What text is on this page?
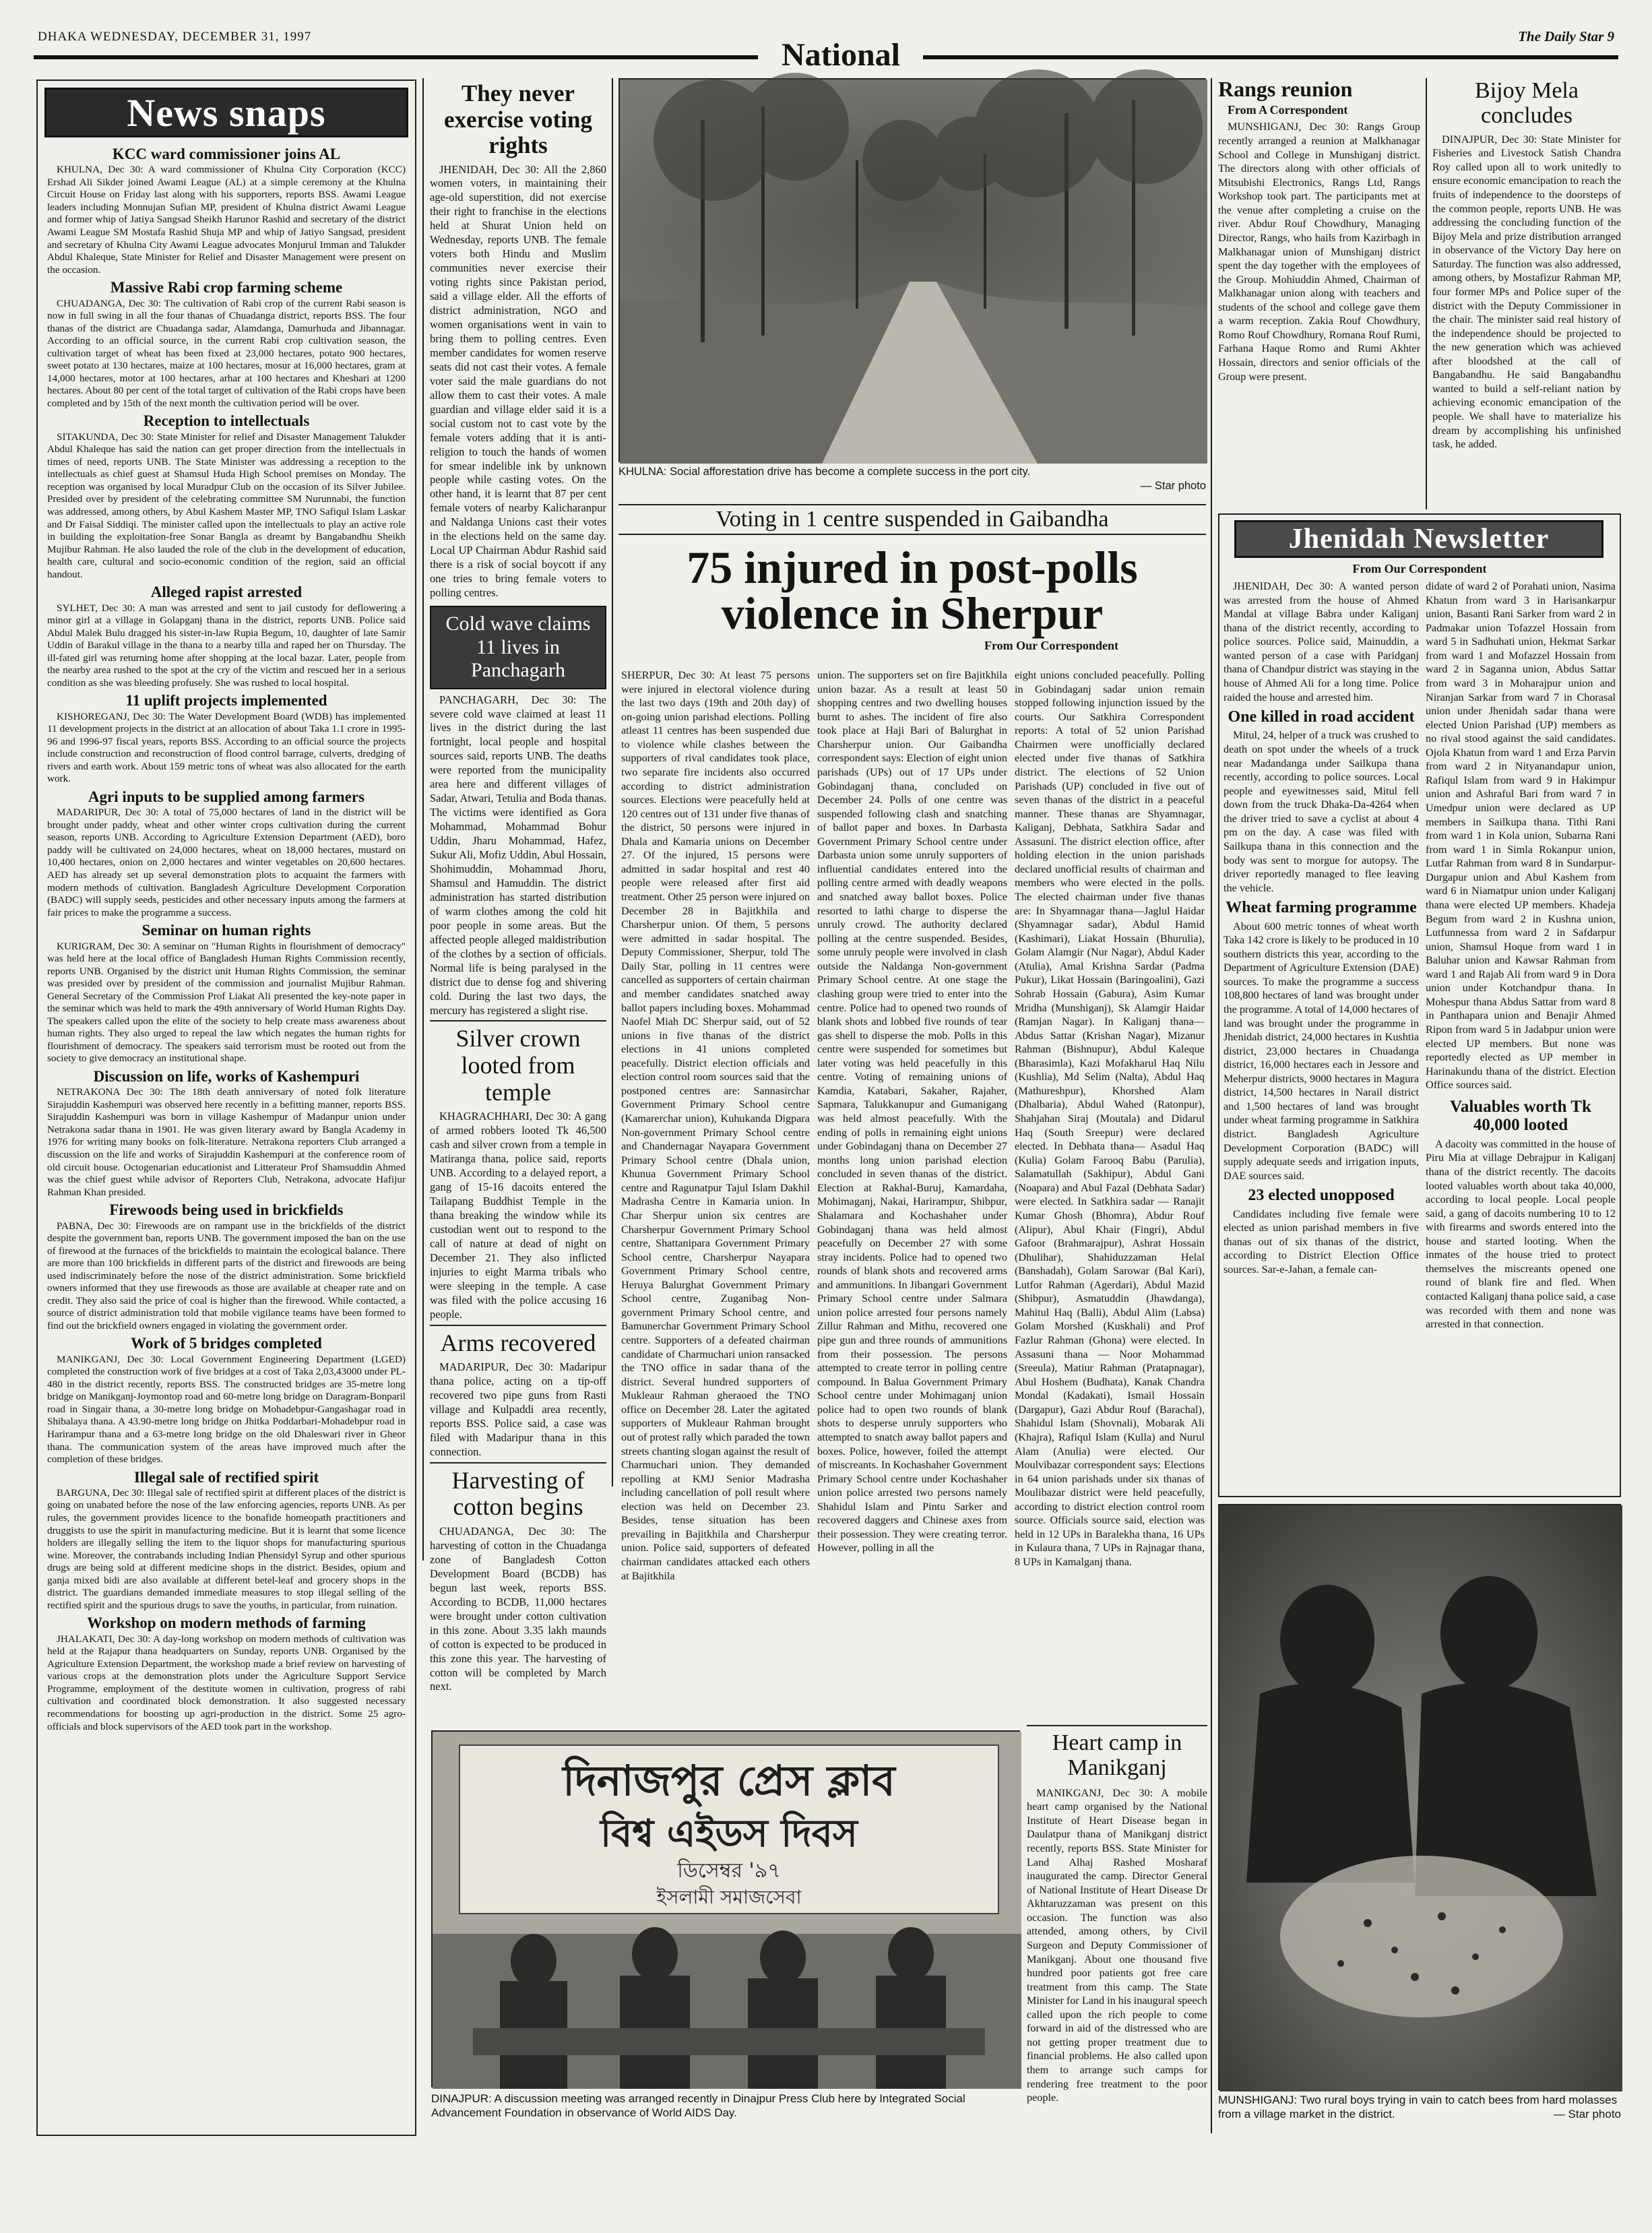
DHAKA WEDNESDAY, DECEMBER 31, 1997	The Daily Star 9
National
News snaps
KCC ward commissioner joins AL

KHULNA, Dec 30: A ward commissioner of Khulna City Corporation (KCC) Ershad Ali Sikder joined Awami League (AL) at a simple ceremony at the Khulna Circuit House on Friday last along with his supporters, reports BSS. Awami League leaders including Monnujan Sufian MP, president of Khulna district Awami League and former whip of Jatiya Sangsad Sheikh Harunor Rashid and secretary of the district Awami League SM Mostafa Rashid Shuja MP and whip of Jatiyo Sangsad, president and secretary of Khulna City Awami League advocates Monjurul Imman and Talukder Abdul Khaleque, State Minister for Relief and Disaster Management were present on the occasion.

Massive Rabi crop farming scheme

CHUADANGA, Dec 30: The cultivation of Rabi crop of the current Rabi season is now in full swing in all the four thanas of Chuadanga district, reports BSS. The four thanas of the district are Chuadanga sadar, Alamdanga, Damurhuda and Jibannagar. According to an official source, in the current Rabi crop cultivation season, the cultivation target of wheat has been fixed at 23,000 hectares, potato 900 hectares, sweet potato at 130 hectares, maize at 100 hectares, mosur at 16,000 hectares, gram at 14,000 hectares, motor at 100 hectares, arhar at 100 hectares and Kheshari at 1200 hectares. About 80 per cent of the total target of cultivation of the Rabi crops have been completed and by 15th of the next month the cultivation period will be over.

Reception to intellectuals

SITAKUNDA, Dec 30: State Minister for relief and Disaster Management Talukder Abdul Khaleque has said the nation can get proper direction from the intellectuals in times of need, reports UNB. The State Minister was addressing a reception to the intellectuals as chief guest at Shamsul Huda High School premises on Monday. The reception was organised by local Muradpur Club on the occasion of its Silver Jubilee. Presided over by president of the celebrating committee SM Nurunnabi, the function was addressed, among others, by Abul Kashem Master MP, TNO Safiqul Islam Laskar and Dr Faisal Siddiqi. The minister called upon the intellectuals to play an active role in building the exploitation-free Sonar Bangla as dreamt by Bangabandhu Sheikh Mujibur Rahman. He also lauded the role of the club in the development of education, health care, cultural and socio-economic condition of the region, said an official handout.

Alleged rapist arrested

SYLHET, Dec 30: A man was arrested and sent to jail custody for deflowering a minor girl at a village in Golapganj thana in the district, reports UNB. Police said Abdul Malek Bulu dragged his sister-in-law Rupia Begum, 10, daughter of late Samir Uddin of Barakul village in the thana to a nearby tilla and raped her on Thursday. The ill-fated girl was returning home after shopping at the local bazar. Later, people from the nearby area rushed to the spot at the cry of the victim and rescued her in a serious condition as she was bleeding profusely. She was rushed to local hospital.

11 uplift projects implemented

KISHOREGANJ, Dec 30: The Water Development Board (WDB) has implemented 11 development projects in the district at an allocation of about Taka 1.1 crore in 1995-96 and 1996-97 fiscal years, reports BSS. According to an official source the projects include construction and reconstruction of flood control barrage, culverts, dredging of rivers and earth work. About 159 metric tons of wheat was also allocated for the earth work.

Agri inputs to be supplied among farmers

MADARIPUR, Dec 30: A total of 75,000 hectares of land in the district will be brought under paddy, wheat and other winter crops cultivation during the current season, reports UNB. According to Agriculture Extension Department (AED), boro paddy will be cultivated on 24,000 hectares, wheat on 18,000 hectares, mustard on 10,400 hectares, onion on 2,000 hectares and winter vegetables on 20,600 hectares. AED has already set up several demonstration plots to acquaint the farmers with modern methods of cultivation. Bangladesh Agriculture Development Corporation (BADC) will supply seeds, pesticides and other necessary inputs among the farmers at fair prices to make the programme a success.

Seminar on human rights

KURIGRAM, Dec 30: A seminar on "Human Rights in flourishment of democracy" was held here at the local office of Bangladesh Human Rights Commission recently, reports UNB. Organised by the district unit Human Rights Commission, the seminar was presided over by president of the commission and journalist Mujibur Rahman. General Secretary of the Commission Prof Liakat Ali presented the key-note paper in the seminar which was held to mark the 49th anniversary of World Human Rights Day. The speakers called upon the elite of the society to help create mass awareness about human rights. They also urged to repeal the law which negates the human rights for flourishment of democracy. The speakers said terrorism must be rooted out from the society to give democracy an institutional shape.

Discussion on life, works of Kashempuri

NETRAKONA Dec 30: The 18th death anniversary of noted folk literature Sirajuddin Kashempuri was observed here recently in a befitting manner, reports BSS. Sirajuddin Kashempuri was born in village Kashempur of Madanpur union under Netrakona sadar thana in 1901. He was given literary award by Bangla Academy in 1976 for writing many books on folk-literature. Netrakona reporters Club arranged a discussion on the life and works of Sirajuddin Kashempuri at the conference room of old circuit house. Octogenarian educationist and Litterateur Prof Shamsuddin Ahmed was the chief guest while advisor of Reporters Club, Netrakona, advocate Hafijur Rahman Khan presided.

Firewoods being used in brickfields

PABNA, Dec 30: Firewoods are on rampant use in the brickfields of the district despite the government ban, reports UNB. The government imposed the ban on the use of firewood at the furnaces of the brickfields to maintain the ecological balance. There are more than 100 brickfields in different parts of the district and firewoods are being used indiscriminately before the nose of the district administration. Some brickfield owners informed that they use firewoods as those are available at cheaper rate and on credit. They also said the price of coal is higher than the firewood. While contacted, a source of district administration told that mobile vigilance teams have been formed to find out the brickfield owners engaged in violating the government order.

Work of 5 bridges completed

MANIKGANJ, Dec 30: Local Government Engineering Department (LGED) completed the construction work of five bridges at a cost of Taka 2,03,43000 under PL-480 in the district recently, reports BSS. The constructed bridges are 35-metre long bridge on Manikganj-Joymontop road and 60-metre long bridge on Daragram-Bonparil road in Singair thana, a 30-metre long bridge on Mohadebpur-Gangashagar road in Shibalaya thana. A 43.90-metre long bridge on Jhitka Poddarbari-Mohadebpur road in Harirampur thana and a 63-metre long bridge on the old Dhaleswari river in Gheor thana. The communication system of the areas have improved much after the completion of these bridges.

Illegal sale of rectified spirit

BARGUNA, Dec 30: Illegal sale of rectified spirit at different places of the district is going on unabated before the nose of the law enforcing agencies, reports UNB. As per rules, the government provides licence to the bonafide homeopath practitioners and druggists to use the spirit in manufacturing medicine. But it is learnt that some licence holders are illegally selling the item to the liquor shops for manufacturing spurious wine. Moreover, the contrabands including Indian Phensidyl Syrup and other spurious drugs are being sold at different medicine shops in the district. Besides, opium and ganja mixed bidi are also available at different betel-leaf and grocery shops in the district. The guardians demanded immediate measures to stop illegal selling of the rectified spirit and the spurious drugs to save the youths, in particular, from ruination.

Workshop on modern methods of farming

JHALAKATI, Dec 30: A day-long workshop on modern methods of cultivation was held at the Rajapur thana headquarters on Sunday, reports UNB. Organised by the Agriculture Extension Department, the workshop made a brief review on harvesting of various crops at the demonstration plots under the Agriculture Support Service Programme, employment of the destitute women in cultivation, progress of rabi cultivation and coordinated block demonstration. It also suggested necessary recommendations for boosting up agri-production in the district. Some 25 agro-officials and block supervisors of the AED took part in the workshop.

They never exercise voting rights

JHENIDAH, Dec 30: All the 2,860 women voters, in maintaining their age-old superstition, did not exercise their right to franchise in the elections held at Shurat Union held on Wednesday, reports UNB. The female voters both Hindu and Muslim communities never exercise their voting rights since Pakistan period, said a village elder. All the efforts of district administration, NGO and women organisations went in vain to bring them to polling centres. Even member candidates for women reserve seats did not cast their votes. A female voter said the male guardians do not allow them to cast their votes. A male guardian and village elder said it is a social custom not to cast vote by the female voters adding that it is anti-religion to touch the hands of women for smear indelible ink by unknown people while casting votes. On the other hand, it is learnt that 87 per cent female voters of nearby Kalicharanpur and Naldanga Unions cast their votes in the elections held on the same day. Local UP Chairman Abdur Rashid said there is a risk of social boycott if any one tries to bring female voters to polling centres.

Cold wave claims 11 lives in Panchagarh

PANCHAGARH, Dec 30: The severe cold wave claimed at least 11 lives in the district during the last fortnight, local people and hospital sources said, reports UNB. The deaths were reported from the municipality area here and different villages of Sadar, Atwari, Tetulia and Boda thanas. The victims were identified as Gora Mohammad, Mohammad Bohur Uddin, Jharu Mohammad, Hafez, Sukur Ali, Mofiz Uddin, Abul Hossain, Shohimuddin, Mohammad Jhoru, Shamsul and Hamuddin. The district administration has started distribution of warm clothes among the cold hit poor people in some areas. But the affected people alleged maldistribution of the clothes by a section of officials. Normal life is being paralysed in the district due to dense fog and shivering cold. During the last two days, the mercury has registered a slight rise.

Silver crown looted from temple

KHAGRACHHARI, Dec 30: A gang of armed robbers looted Tk 46,500 cash and silver crown from a temple in Matiranga thana, police said, reports UNB. According to a delayed report, a gang of 15-16 dacoits entered the Tailapang Buddhist Temple in the thana breaking the window while its custodian went out to respond to the call of nature at dead of night on December 21. They also inflicted injuries to eight Marma tribals who were sleeping in the temple. A case was filed with the police accusing 16 people.

Arms recovered

MADARIPUR, Dec 30: Madaripur thana police, acting on a tip-off recovered two pipe guns from Rasti village and Kulpaddi area recently, reports BSS. Police said, a case was filed with Madaripur thana in this connection.

Harvesting of cotton begins

CHUADANGA, Dec 30: The harvesting of cotton in the Chuadanga zone of Bangladesh Cotton Development Board (BCDB) has begun last week, reports BSS. According to BCDB, 11,000 hectares were brought under cotton cultivation in this zone. About 3.35 lakh maunds of cotton is expected to be produced in this zone this year. The harvesting of cotton will be completed by March next.

KHULNA: Social afforestation drive has become a complete success in the port city.

— Star photo
Voting in 1 centre suspended in Gaibandha
75 injured in post-polls violence in Sherpur
From Our Correspondent
SHERPUR, Dec 30: At least 75 persons were injured in electoral violence during the last two days (19th and 20th day) of on-going union parishad elections. Polling atleast 11 centres has been suspended due to violence while clashes between the supporters of rival candidates took place, two separate fire incidents also occurred according to district administration sources. Elections were peacefully held at 120 centres out of 131 under five thanas of the district, 50 persons were injured in Dhala and Kamaria unions on December 27. Of the injured, 15 persons were admitted in sadar hospital and rest 40 people were released after first aid treatment. Other 25 person were injured on December 28 in Bajitkhila and Charsherpur union. Of them, 5 persons were admitted in sadar hospital. The Deputy Commissioner, Sherpur, told The Daily Star, polling in 11 centres were cancelled as supporters of certain chairman and member candidates snatched away ballot papers including boxes. Mohammad Naofel Miah DC Sherpur said, out of 52 unions in five thanas of the district elections in 41 unions completed peacefully. District election officials and election control room sources said that the postponed centres are: Sannasirchar Government Primary School centre (Kamarerchar union), Kuhukanda Digpara Non-government Primary School centre and Chandernagar Nayapara Government Primary School centre (Dhala union, Khunua Government Primary School centre and Ragunatpur Tajul Islam Dakhil Madrasha Centre in Kamaria union. In Char Sherpur union six centres are Charsherpur Government Primary School centre, Shattanipara Government Primary School centre, Charsherpur Nayapara Government Primary School centre, Heruya Balurghat Government Primary School centre, Zuganibag Non-government Primary School centre, and Bamunerchar Government Primary School centre. Supporters of a defeated chairman candidate of Charmuchari union ransacked the TNO office in sadar thana of the district. Several hundred supporters of Mukleaur Rahman gheraoed the TNO office on December 28. Later the agitated supporters of Mukleaur Rahman brought out of protest rally which paraded the town streets chanting slogan against the result of Charmuchari union. They demanded repolling at KMJ Senior Madrasha including cancellation of poll result where election was held on December 23. Besides, tense situation has been prevailing in Bajitkhila and Charsherpur union. Police said, supporters of defeated chairman candidates attacked each others at Bajitkhila
union. The supporters set on fire Bajitkhila union bazar. As a result at least 50 shopping centres and two dwelling houses burnt to ashes. The incident of fire also took place at Haji Bari of Balurghat in Charsherpur union. Our Gaibandha correspondent says: Election of eight union parishads (UPs) out of 17 UPs under Gobindaganj thana, concluded on December 24. Polls of one centre was suspended following clash and snatching of ballot paper and boxes. In Darbasta Government Primary School centre under Darbasta union some unruly supporters of influential candidates entered into the polling centre armed with deadly weapons and snatched away ballot boxes. Police resorted to lathi charge to disperse the unruly crowd. The authority declared polling at the centre suspended. Besides, some unruly people were involved in clash outside the Naldanga Non-government Primary School centre. At one stage the clashing group were tried to enter into the centre. Police had to opened two rounds of blank shots and lobbed five rounds of tear gas shell to disperse the mob. Polls in this centre were suspended for sometimes but later voting was held peacefully in this centre. Voting of remaining unions of Kamdia, Katabari, Sakaher, Rajaher, Sapmara, Talukkanupur and Gumanigang was held almost peacefully. With the ending of polls in remaining eight unions under Gobindaganj thana on December 27 months long union parishad election concluded in seven thanas of the district. Election at Rakhal-Buruj, Kamardaha, Mohimaganj, Nakai, Harirampur, Shibpur, Shalamara and Kochashaher under Gobindaganj thana was held almost peacefully on December 27 with some stray incidents. Police had to opened two rounds of blank shots and recovered arms and ammunitions. In Jibangari Government Primary School centre under Salmara union police arrested four persons namely Zillur Rahman and Mithu, recovered one pipe gun and three rounds of ammunitions from their possession. The persons attempted to create terror in polling centre compound. In Balua Government Primary School centre under Mohimaganj union police had to open two rounds of blank shots to desperse unruly supporters who attempted to snatch away ballot papers and boxes. Police, however, foiled the attempt of miscreants. In Kochashaher Government Primary School centre under Kochashaher union police arrested two persons namely Shahidul Islam and Pintu Sarker and recovered daggers and Chinese axes from their possession. They were creating terror. However, polling in all the
eight unions concluded peacefully. Polling in Gobindaganj sadar union remain stopped following injunction issued by the courts. Our Satkhira Correspondent reports: A total of 52 union Parishad Chairmen were unofficially declared elected under five thanas of Satkhira district. The elections of 52 Union Parishads (UP) concluded in five out of seven thanas of the district in a peaceful manner. These thanas are Shyamnagar, Kaliganj, Debhata, Satkhira Sadar and Assasuni. The district election office, after holding election in the union parishads declared unofficial results of chairman and members who were elected in the polls. The elected chairman under five thanas are: In Shyamnagar thana—Jaglul Haidar (Shyamnagar sadar), Abdul Hamid (Kashimari), Liakat Hossain (Bhurulia), Golam Alamgir (Nur Nagar), Abdul Kader (Atulia), Amal Krishna Sardar (Padma Pukur), Likat Hossain (Baringoalini), Gazi Sohrab Hossain (Gabura), Asim Kumar Mridha (Munshiganj), Sk Alamgir Haidar (Ramjan Nagar). In Kaliganj thana— Abdus Sattar (Krishan Nagar), Mizanur Rahman (Bishnupur), Abdul Kaleque (Bharasimla), Kazi Mofakharul Haq Nilu (Kushlia), Md Selim (Nalta), Abdul Haq (Mathureshpur), Khorshed Alam (Dhalbaria), Abdul Wahed (Ratonpur), Shahjahan Siraj (Moutala) and Didarul Haq (South Sreepur) were declared elected. In Debhata thana— Asadul Haq (Kulia) Golam Farooq Babu (Parulia), Salamatullah (Sakhipur), Abdul Gani (Noapara) and Abul Fazal (Debhata Sadar) were elected. In Satkhira sadar — Ranajit Kumar Ghosh (Bhomra), Abdur Rouf (Alipur), Abul Khair (Fingri), Abdul Gafoor (Brahmarajpur), Ashrat Hossain (Dhulihar), Shahiduzzaman Helal (Banshadah), Golam Sarowar (Bal Kari), Lutfor Rahman (Agerdari), Abdul Mazid (Shibpur), Asmatuddin (Jhawdanga), Mahitul Haq (Balli), Abdul Alim (Labsa) Golam Morshed (Kuskhali) and Prof Fazlur Rahman (Ghona) were elected. In Assasuni thana — Noor Mohammad (Sreeula), Matiur Rahman (Pratapnagar), Abul Hoshem (Budhata), Kanak Chandra Mondal (Kadakati), Ismail Hossain (Dargapur), Gazi Abdur Rouf (Barachal), Shahidul Islam (Shovnali), Mobarak Ali (Khajra), Rafiqul Islam (Kulla) and Nurul Alam (Anulia) were elected. Our Moulvibazar correspondent says: Elections in 64 union parishads under six thanas of Moulibazar district were held peacefully, according to district election control room source. Officials source said, election was held in 12 UPs in Baralekha thana, 16 UPs in Kulaura thana, 7 UPs in Rajnagar thana, 8 UPs in Kamalganj thana.
দিনাজপুর প্রেস ক্লাব
বিশ্ব এইডস দিবস
ডিসেম্বর '৯৭
ইসলামী সমাজসেবা
DINAJPUR: A discussion meeting was arranged recently in Dinajpur Press Club here by Integrated Social Advancement Foundation in observance of World AIDS Day.
Rangs reunion
From A Correspondent

MUNSHIGANJ, Dec 30: Rangs Group recently arranged a reunion at Malkhanagar School and College in Munshiganj district. The directors along with other officials of Mitsubishi Electronics, Rangs Ltd, Rangs Workshop took part. The participants met at the venue after completing a cruise on the river. Abdur Rouf Chowdhury, Managing Director, Rangs, who hails from Kazirbagh in Malkhanagar union of Munshiganj district spent the day together with the employees of the Group. Mohiuddin Ahmed, Chairman of Malkhanagar union along with teachers and students of the school and college gave them a warm reception. Zakia Rouf Chowdhury, Romo Rouf Chowdhury, Romana Rouf Rumi, Farhana Haque Romo and Rumi Akhter Hossain, directors and senior officials of the Group were present.

Bijoy Mela concludes

DINAJPUR, Dec 30: State Minister for Fisheries and Livestock Satish Chandra Roy called upon all to work unitedly to ensure economic emancipation to reach the fruits of independence to the doorsteps of the common people, reports UNB. He was addressing the concluding function of the Bijoy Mela and prize distribution arranged in observance of the Victory Day here on Saturday. The function was also addressed, among others, by Mostafizur Rahman MP, four former MPs and Police super of the district with the Deputy Commissioner in the chair. The minister said real history of the independence should be projected to the new generation which was achieved after bloodshed at the call of Bangabandhu. He said Bangabandhu wanted to build a self-reliant nation by achieving economic emancipation of the people. We shall have to materialize his dream by accomplishing his unfinished task, he added.

Jhenidah Newsletter
From Our Correspondent

JHENIDAH, Dec 30: A wanted person was arrested from the house of Ahmed Mandal at village Babra under Kaliganj thana of the district recently, according to police sources. Police said, Mainuddin, a wanted person of a case with Paridganj thana of Chandpur district was staying in the house of Ahmed Ali for a long time. Police raided the house and arrested him.

One killed in road accident

Mitul, 24, helper of a truck was crushed to death on spot under the wheels of a truck near Madandanga under Sailkupa thana recently, according to police sources. Local people and eyewitnesses said, Mitul fell down from the truck Dhaka-Da-4264 when the driver tried to save a cyclist at about 4 pm on the day. A case was filed with Sailkupa thana in this connection and the body was sent to morgue for autopsy. The driver reportedly managed to flee leaving the vehicle.

Wheat farming programme

About 600 metric tonnes of wheat worth Taka 142 crore is likely to be produced in 10 southern districts this year, according to the Department of Agriculture Extension (DAE) sources. To make the programme a success 108,800 hectares of land was brought under the programme. A total of 14,000 hectares of land was brought under the programme in Jhenidah district, 24,000 hectares in Kushtia district, 23,000 hectares in Chuadanga district, 16,000 hectares each in Jessore and Meherpur districts, 9000 hectares in Magura district, 14,500 hectares in Narail district and 1,500 hectares of land was brought under wheat farming programme in Satkhira district. Bangladesh Agriculture Development Corporation (BADC) will supply adequate seeds and irrigation inputs, DAE sources said.

23 elected unopposed

Candidates including five female were elected as union parishad members in five thanas out of six thanas of the district, according to District Election Office sources. Sar-e-Jahan, a female can-

didate of ward 2 of Porahati union, Nasima Khatun from ward 3 in Harisankarpur union, Basanti Rani Sarker from ward 2 in Padmakar union Tofazzel Hossain from ward 5 in Sadhuhati union, Hekmat Sarkar from ward 1 and Mofazzel Hossain from ward 2 in Saganna union, Abdus Sattar from ward 3 in Moharajpur union and Niranjan Sarkar from ward 7 in Chorasal union under Jhenidah sadar thana were elected Union Parishad (UP) members as no rival stood against the said candidates. Ojola Khatun from ward 1 and Erza Parvin from ward 2 in Nityanandapur union, Rafiqul Islam from ward 9 in Hakimpur union and Ashraful Bari from ward 7 in Umedpur union were declared as UP members in Sailkupa thana. Tithi Rani from ward 1 in Kola union, Subarna Rani from ward 1 in Simla Rokanpur union, Lutfar Rahman from ward 8 in Sundarpur-Durgapur union and Abul Kashem from ward 6 in Niamatpur union under Kaliganj thana were elected UP members. Khadeja Begum from ward 2 in Kushna union, Lutfunnessa from ward 2 in Safdarpur union, Shamsul Hoque from ward 1 in Baluhar union and Kawsar Rahman from ward 1 and Rajab Ali from ward 9 in Dora union under Kotchandpur thana. In Mohespur thana Abdus Sattar from ward 8 in Panthapara union and Benajir Ahmed Ripon from ward 5 in Jadabpur union were elected UP members. But none was reportedly elected as UP member in Harinakundu thana of the district. Election Office sources said.

Valuables worth Tk 40,000 looted

A dacoity was committed in the house of Piru Mia at village Debrajpur in Kaliganj thana of the district recently. The dacoits looted valuables worth about taka 40,000, according to local people. Local people said, a gang of dacoits numbering 10 to 12 with firearms and swords entered into the house and started looting. When the inmates of the house tried to protect themselves the miscreants opened one round of blank fire and fled. When contacted Kaliganj thana police said, a case was recorded with them and none was arrested in that connection.

Heart camp in Manikganj

MANIKGANJ, Dec 30: A mobile heart camp organised by the National Institute of Heart Disease began in Daulatpur thana of Manikganj district recently, reports BSS. State Minister for Land Alhaj Rashed Mosharaf inaugurated the camp. Director General of National Institute of Heart Disease Dr Akhtaruzzaman was present on this occasion. The function was also attended, among others, by Civil Surgeon and Deputy Commissioner of Manikganj. About one thousand five hundred poor patients got free care treatment from this camp. The State Minister for Land in his inaugural speech called upon the rich people to come forward in aid of the distressed who are not getting proper treatment due to financial problems. He also called upon them to arrange such camps for rendering free treatment to the poor people.	MUNSHIGANJ: Two rural boys trying in vain to catch bees from hard molasses from a village market in the district.	— Star photo
